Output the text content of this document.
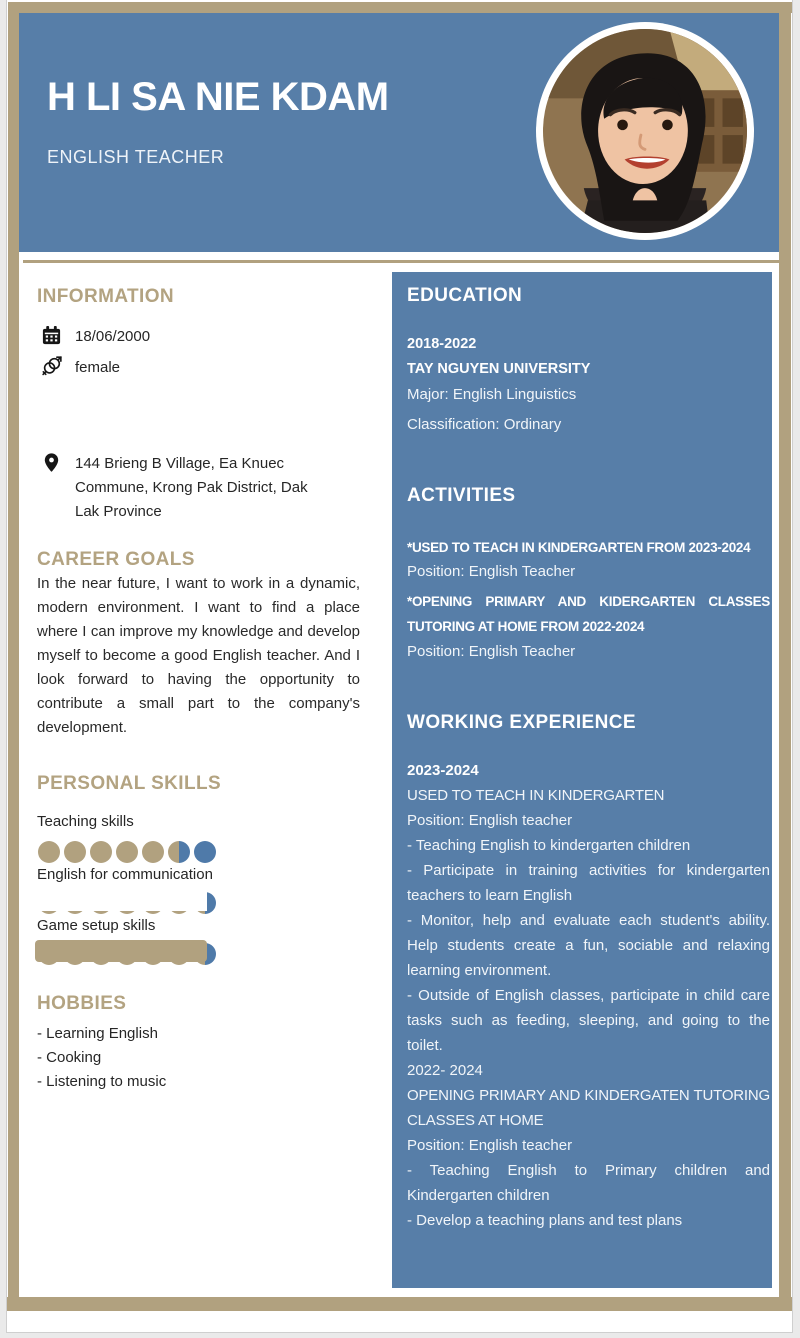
H LI SA NIE KDAM
ENGLISH TEACHER
INFORMATION
18/06/2000
female
144 Brieng B Village, Ea Knuec Commune, Krong Pak District, Dak Lak Province
CAREER GOALS
In the near future, I want to work in a dynamic, modern environment. I want to find a place where I can improve my knowledge and develop myself to become a good English teacher. And I look forward to having the opportunity to contribute a small part to the company's development.
PERSONAL SKILLS
Teaching skills
English for communication
Game setup skills
HOBBIES
- Learning English
- Cooking
- Listening to music
EDUCATION
2018-2022
TAY NGUYEN UNIVERSITY
Major: English Linguistics
Classification: Ordinary
ACTIVITIES
*USED TO TEACH IN KINDERGARTEN FROM 2023-2024
Position: English Teacher
*OPENING PRIMARY AND KIDERGARTEN CLASSES TUTORING AT HOME FROM 2022-2024
Position: English Teacher
WORKING EXPERIENCE

2023-2024

USED TO TEACH IN KINDERGARTEN

Position: English teacher

- Teaching English to kindergarten children

- Participate in training activities for kindergarten teachers to learn English

- Monitor, help and evaluate each student's ability. Help students create a fun, sociable and relaxing learning environment.

- Outside of English classes, participate in child care tasks such as feeding, sleeping, and going to the toilet.

2022- 2024

OPENING PRIMARY AND KINDERGATEN TUTORING CLASSES AT HOME

Position: English teacher

- Teaching English to Primary children and Kindergarten children

- Develop a teaching plans and test plans
